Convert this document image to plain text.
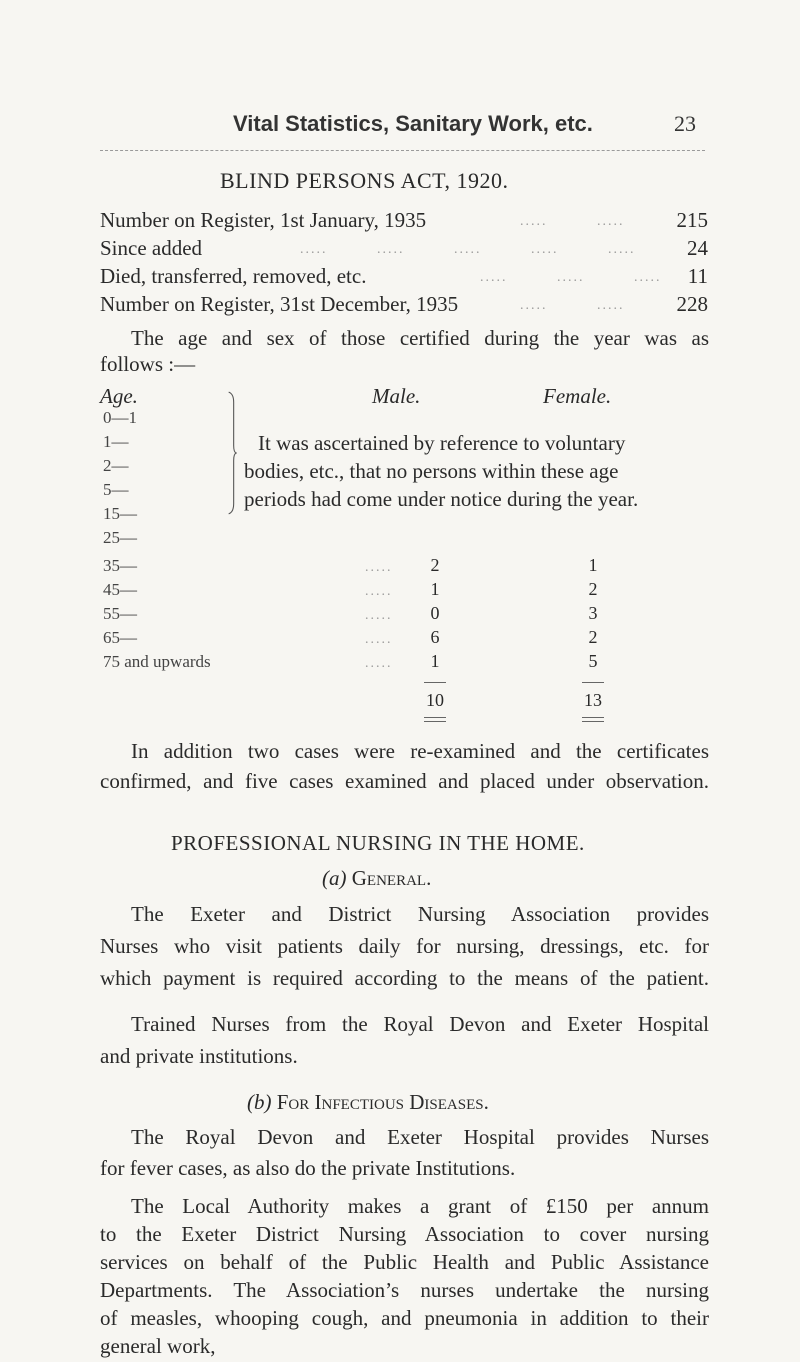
Vital Statistics, Sanitary Work, etc.	23
BLIND PERSONS ACT, 1920.
Number on Register, 1st January, 1935	.....         .....	215
Since added	.....         .....         .....         .....         .....	24
Died, transferred, removed, etc.	.....         .....         .....	11
Number on Register, 31st December, 1935	.....         .....	228
The age and sex of those certified during the year was as
follows :—
Age.	Male.	Female.
0—1
1—
2—
5—
15—
25—
It was ascertained by reference to voluntary
bodies, etc., that no persons within these age
periods had come under notice during the year.
35—	.....	2	1
45—	.....	1	2
55—	.....	0	3
65—	.....	6	2
75 and upwards	.....	1	5
10	13
In addition two cases were re-examined and the certificates
confirmed, and five cases examined and placed under observation.
PROFESSIONAL NURSING IN THE HOME.
(a) General.
The Exeter and District Nursing Association provides
Nurses who visit patients daily for nursing, dressings, etc. for
which payment is required according to the means of the patient.
Trained Nurses from the Royal Devon and Exeter Hospital
and private institutions.
(b) For Infectious Diseases.
The Royal Devon and Exeter Hospital provides Nurses
for fever cases, as also do the private Institutions.
The Local Authority makes a grant of £150 per annum
to the Exeter District Nursing Association to cover nursing
services on behalf of the Public Health and Public Assistance
Departments. The Association’s nurses undertake the nursing
of measles, whooping cough, and pneumonia in addition to their
general work,
